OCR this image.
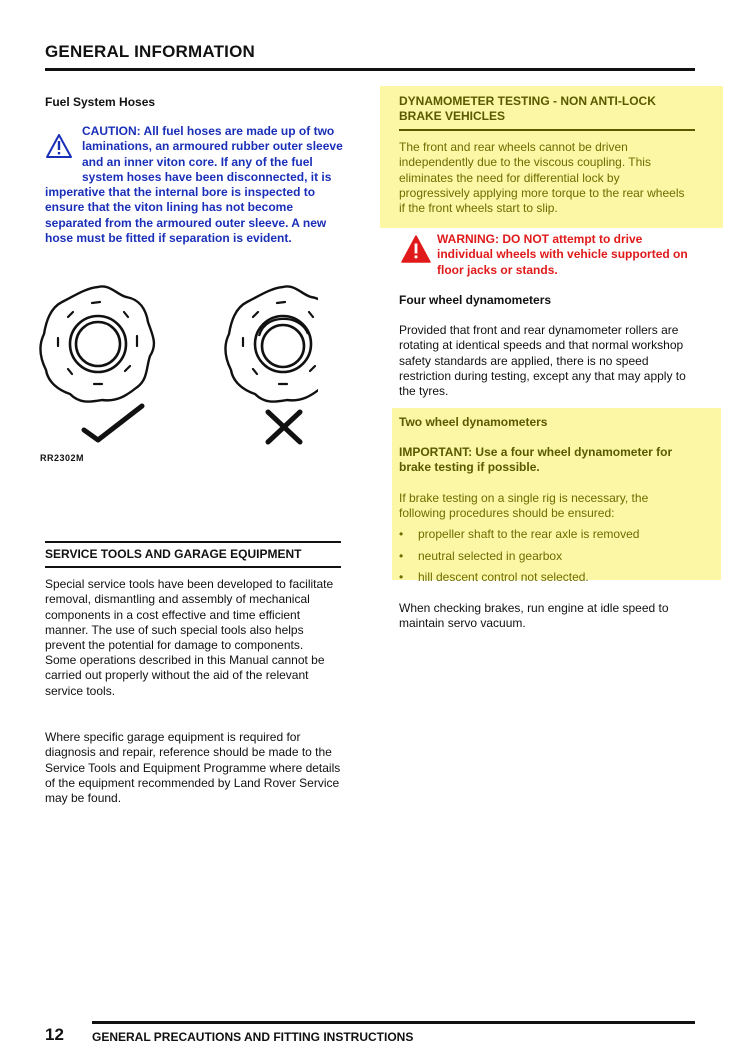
GENERAL INFORMATION
Fuel System Hoses
CAUTION: All fuel hoses are made up of two laminations, an armoured rubber outer sleeve and an inner viton core. If any of the fuel system hoses have been disconnected, it is imperative that the internal bore is inspected to ensure that the viton lining has not become separated from the armoured outer sleeve. A new hose must be fitted if separation is evident.
RR2302M
SERVICE TOOLS AND GARAGE EQUIPMENT
Special service tools have been developed to facilitate removal, dismantling and assembly of mechanical components in a cost effective and time efficient manner. The use of such special tools also helps prevent the potential for damage to components.
Some operations described in this Manual cannot be carried out properly without the aid of the relevant service tools.
Where specific garage equipment is required for diagnosis and repair, reference should be made to the Service Tools and Equipment Programme where details of the equipment recommended by Land Rover Service may be found.
DYNAMOMETER TESTING - NON ANTI-LOCK BRAKE VEHICLES
The front and rear wheels cannot be driven independently due to the viscous coupling. This eliminates the need for differential lock by progressively applying more torque to the rear wheels if the front wheels start to slip.
WARNING: DO NOT attempt to drive individual wheels with vehicle supported on floor jacks or stands.
Four wheel dynamometers
Provided that front and rear dynamometer rollers are rotating at identical speeds and that normal workshop safety standards are applied, there is no speed restriction during testing, except any that may apply to the tyres.
Two wheel dynamometers
IMPORTANT: Use a four wheel dynamometer for brake testing if possible.
If brake testing on a single rig is necessary, the following procedures should be ensured:
•	propeller shaft to the rear axle is removed
•	neutral selected in gearbox
•	hill descent control not selected.
When checking brakes, run engine at idle speed to maintain servo vacuum.
12 GENERAL PRECAUTIONS AND FITTING INSTRUCTIONS
